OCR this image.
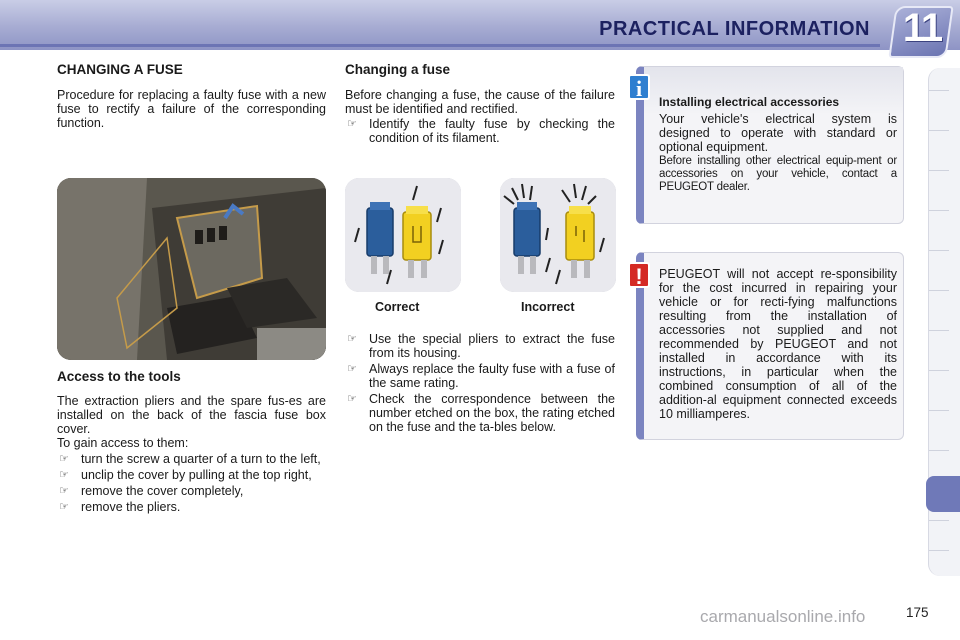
PRACTICAL INFORMATION 11
CHANGING A FUSE
Procedure for replacing a faulty fuse with a new fuse to rectify a failure of the corresponding function.
Access to the tools
The extraction pliers and the spare fus-es are installed on the back of the fascia fuse box cover.
To gain access to them:
☞ turn the screw a quarter of a turn to the left,
☞ unclip the cover by pulling at the top right,
☞ remove the cover completely,
☞ remove the pliers.
Changing a fuse
Before changing a fuse, the cause of the failure must be identified and rectified.
☞ Identify the faulty fuse by checking the condition of its filament.
Correct	Incorrect
☞ Use the special pliers to extract the fuse from its housing.
☞ Always replace the faulty fuse with a fuse of the same rating.
☞ Check the correspondence between the number etched on the box, the rating etched on the fuse and the ta-bles below.
i
Installing electrical accessories
Your vehicle's electrical system is designed to operate with standard or optional equipment.
Before installing other electrical equip-ment or accessories on your vehicle, contact a PEUGEOT dealer.
!	PEUGEOT will not accept re-sponsibility for the cost incurred in repairing your vehicle or for recti-fying malfunctions resulting from the installation of accessories not supplied and not recommended by PEUGEOT and not installed in accordance with its instructions, in particular when the combined consumption of all of the addition-al equipment connected exceeds 10 milliamperes.
carmanualsonline.info	175
